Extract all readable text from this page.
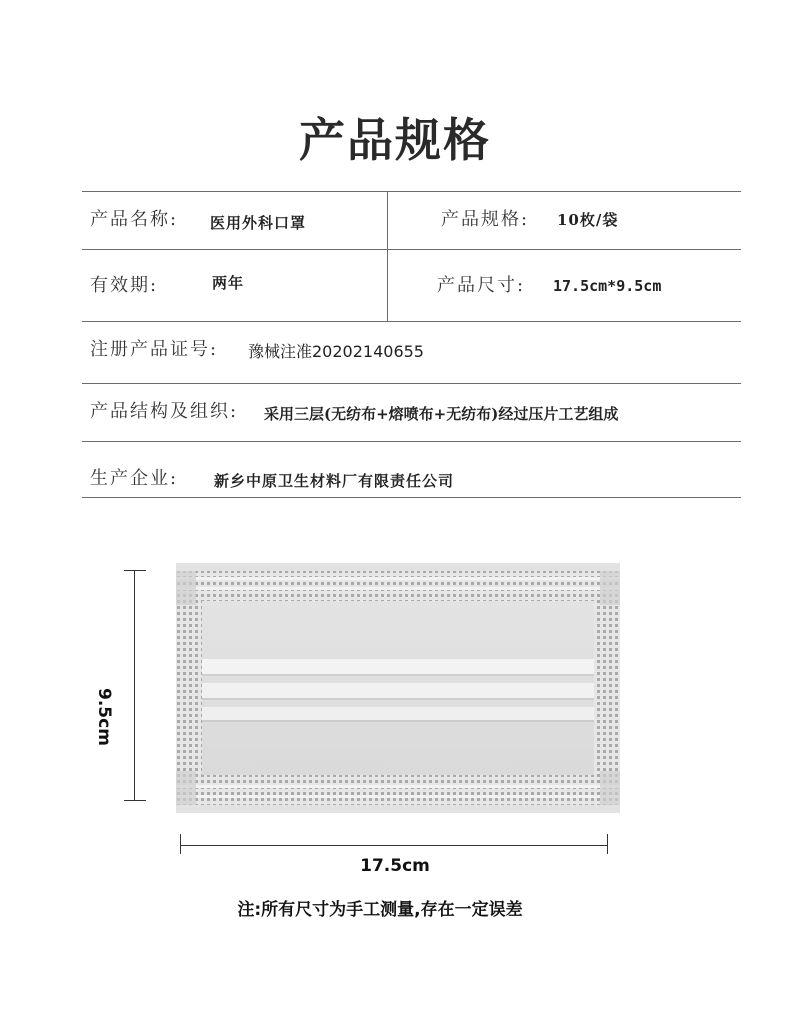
产品规格
产品名称: 医用外科口罩	产品规格: 10枚/袋
有效期:	两年	产品尺寸: 17.5cm*9.5cm
注册产品证号: 豫械注准20202140655
产品结构及组织: 采用三层(无纺布+熔喷布+无纺布)经过压片工艺组成
生产企业: 新乡中原卫生材料厂有限责任公司
9.5cm
17.5cm
注:所有尺寸为手工测量,存在一定误差
